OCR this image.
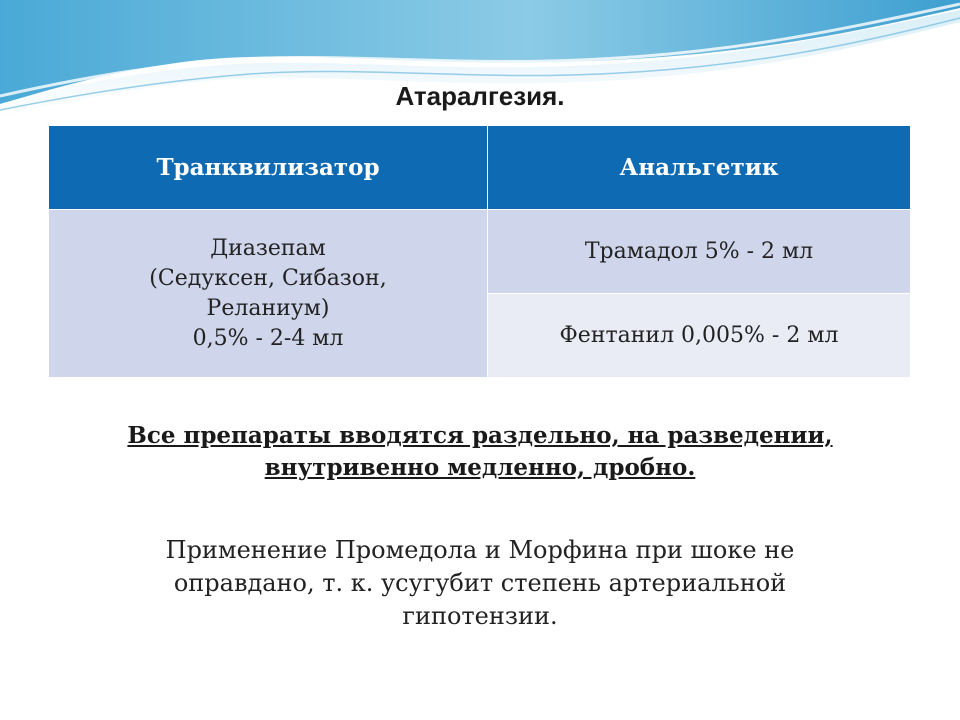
Атаралгезия.
Транквилизатор	Анальгетик

Диазепам
(Седуксен, Сибазон,
Реланиум)
0,5% - 2-4 мл	Трамадол 5% - 2 мл
	Фентанил 0,005% - 2 мл
Все препараты вводятся раздельно, на разведении,
внутривенно медленно, дробно.
Применение Промедола и Морфина при шоке не
оправдано, т. к. усугубит степень артериальной
гипотензии.
